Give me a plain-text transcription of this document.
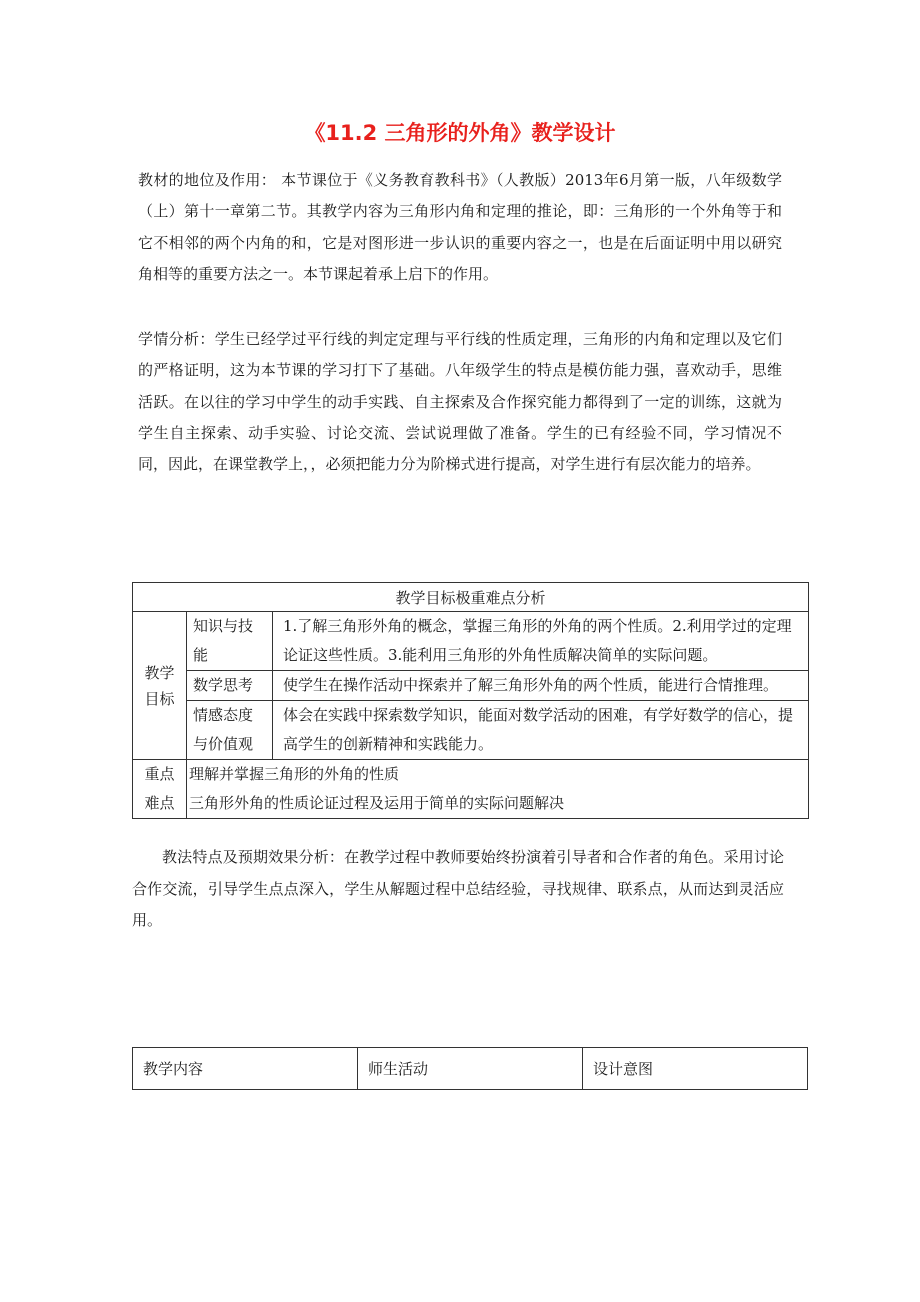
《11.2 三角形的外角》教学设计

教材的地位及作用： 本节课位于《义务教育教科书》（人教版）2013年6月第一版，八年级数学（上）第十一章第二节。其教学内容为三角形内角和定理的推论，即：三角形的一个外角等于和它不相邻的两个内角的和，它是对图形进一步认识的重要内容之一，也是在后面证明中用以研究角相等的重要方法之一。本节课起着承上启下的作用。

学情分析：学生已经学过平行线的判定定理与平行线的性质定理，三角形的内角和定理以及它们的严格证明，这为本节课的学习打下了基础。八年级学生的特点是模仿能力强，喜欢动手，思维活跃。在以往的学习中学生的动手实践、自主探索及合作探究能力都得到了一定的训练，这就为学生自主探索、动手实验、讨论交流、尝试说理做了准备。学生的已有经验不同，学习情况不同，因此，在课堂教学上，，必须把能力分为阶梯式进行提高，对学生进行有层次能力的培养。

教学目标极重难点分析		
教学目标	知识与技能	1.了解三角形外角的概念，掌握三角形的外角的两个性质。2.利用学过的定理论证这些性质。3.能利用三角形的外角性质解决简单的实际问题。
	数学思考	使学生在操作活动中探索并了解三角形外角的两个性质，能进行合情推理。
	情感态度与价值观	体会在实践中探索数学知识，能面对数学活动的困难，有学好数学的信心，提高学生的创新精神和实践能力。
重点难点	理解并掌握三角形的外角的性质
三角形外角的性质论证过程及运用于简单的实际问题解决	

教法特点及预期效果分析：在教学过程中教师要始终扮演着引导者和合作者的角色。采用讨论合作交流，引导学生点点深入，学生从解题过程中总结经验，寻找规律、联系点，从而达到灵活应用。

教学内容	师生活动	设计意图
